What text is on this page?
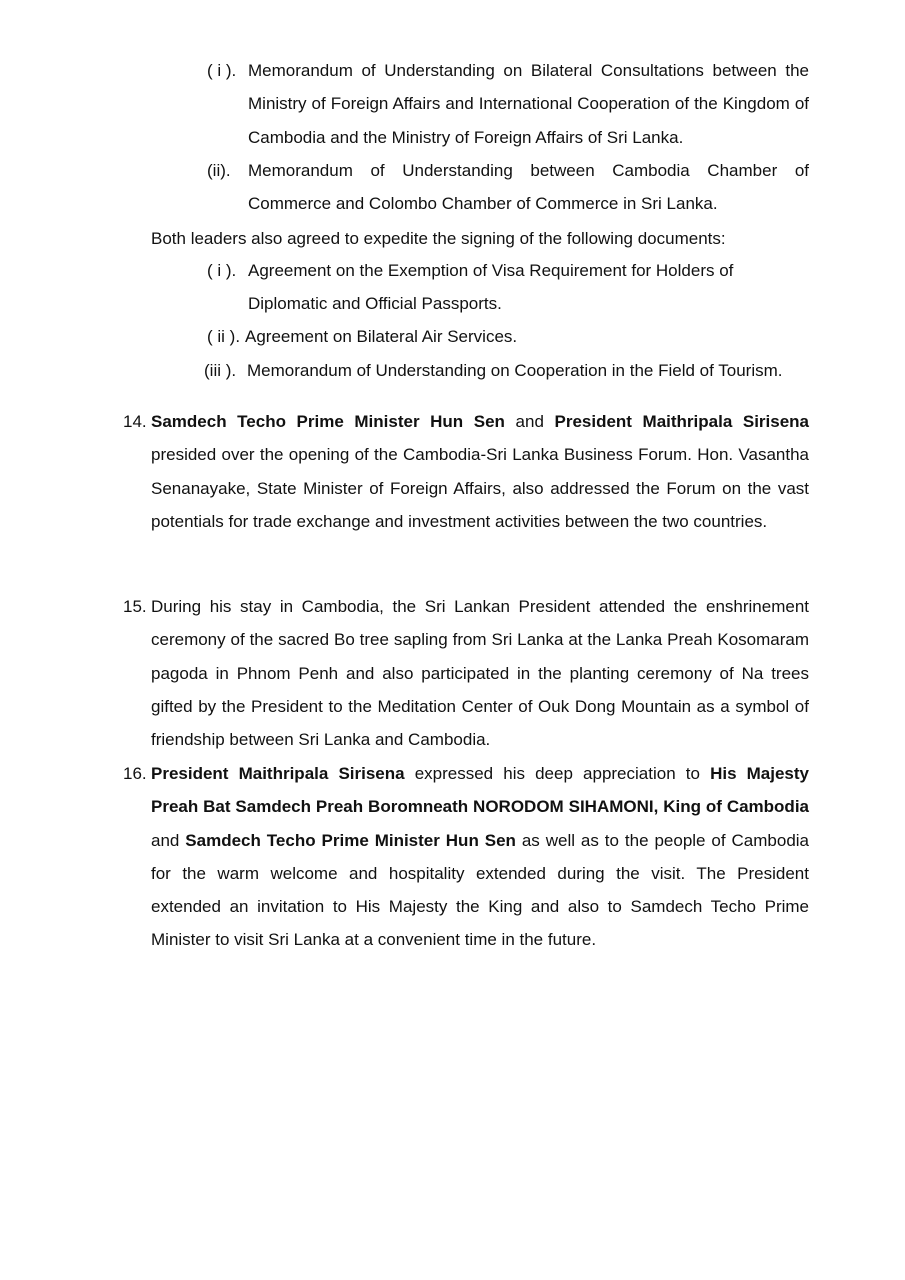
( i ). Memorandum of Understanding on Bilateral Consultations between the Ministry of Foreign Affairs and International Cooperation of the Kingdom of Cambodia and the Ministry of Foreign Affairs of Sri Lanka.
(ii). Memorandum of Understanding between Cambodia Chamber of Commerce and Colombo Chamber of Commerce in Sri Lanka.
Both leaders also agreed to expedite the signing of the following documents:
( i ). Agreement on the Exemption of Visa Requirement for Holders of Diplomatic and Official Passports.
( ii ). Agreement on Bilateral Air Services.
(iii ). Memorandum of Understanding on Cooperation in the Field of Tourism.
14. Samdech Techo Prime Minister Hun Sen and President Maithripala Sirisena presided over the opening of the Cambodia-Sri Lanka Business Forum. Hon. Vasantha Senanayake, State Minister of Foreign Affairs, also addressed the Forum on the vast potentials for trade exchange and investment activities between the two countries.
15. During his stay in Cambodia, the Sri Lankan President attended the enshrinement ceremony of the sacred Bo tree sapling from Sri Lanka at the Lanka Preah Kosomaram pagoda in Phnom Penh and also participated in the planting ceremony of Na trees gifted by the President to the Meditation Center of Ouk Dong Mountain as a symbol of friendship between Sri Lanka and Cambodia.
16. President Maithripala Sirisena expressed his deep appreciation to His Majesty Preah Bat Samdech Preah Boromneath NORODOM SIHAMONI, King of Cambodia and Samdech Techo Prime Minister Hun Sen as well as to the people of Cambodia for the warm welcome and hospitality extended during the visit. The President extended an invitation to His Majesty the King and also to Samdech Techo Prime Minister to visit Sri Lanka at a convenient time in the future.
